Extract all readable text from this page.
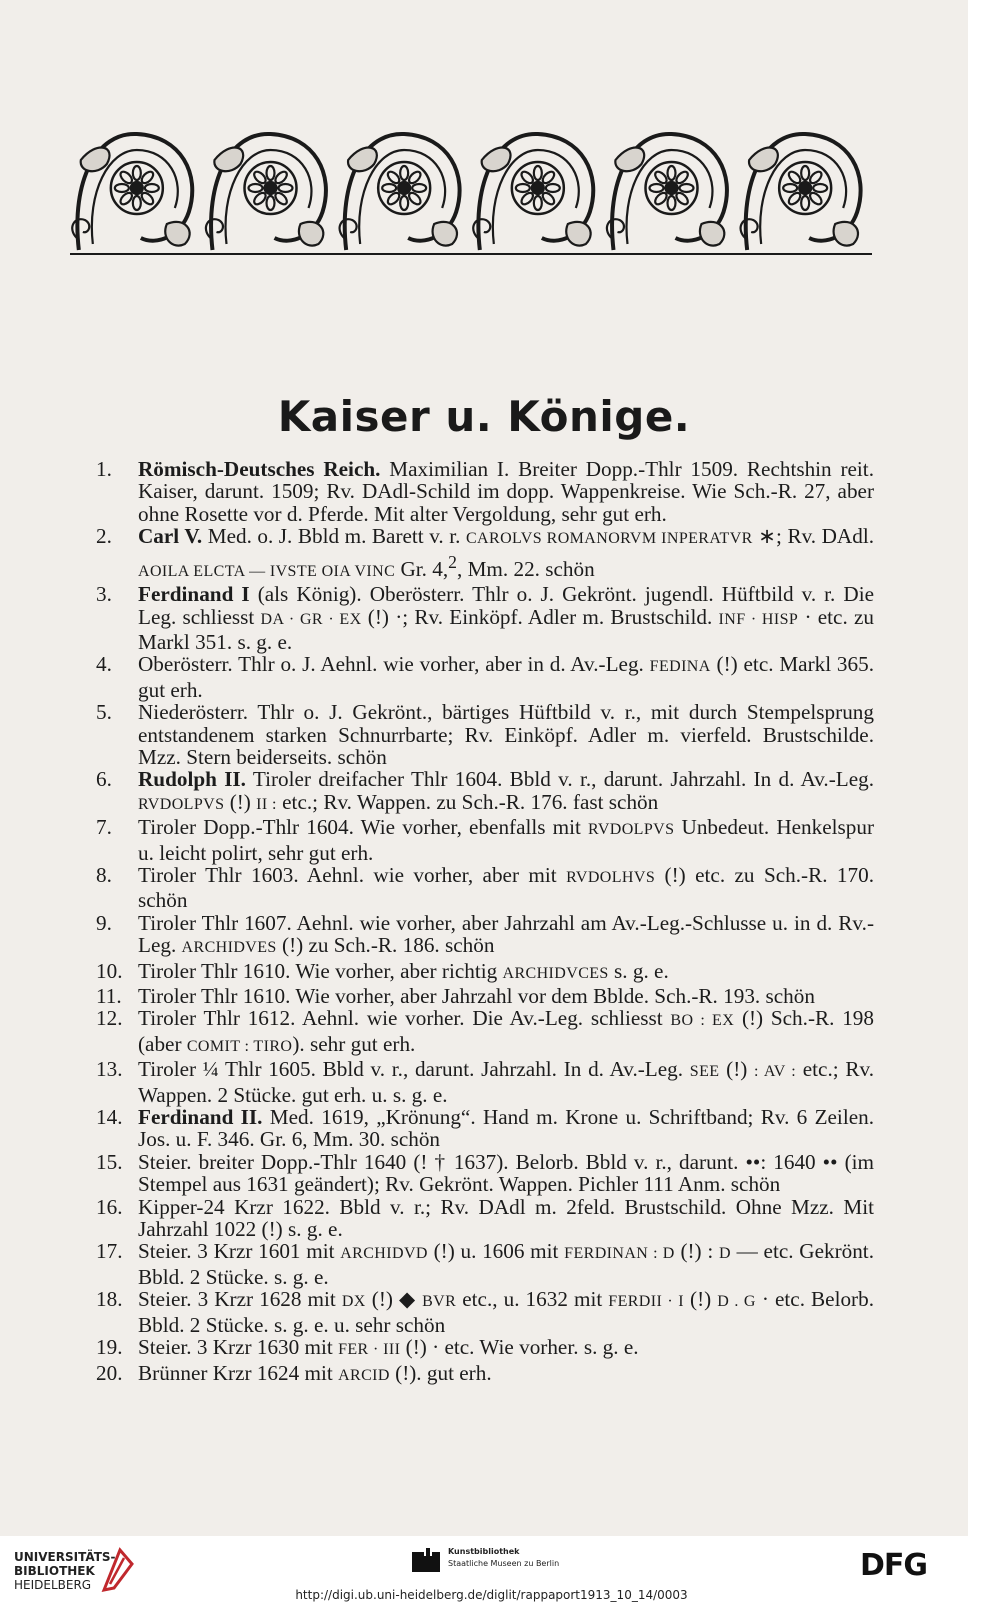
Kaiser u. Könige.
1.	Römisch-Deutsches Reich. Maximilian I. Breiter Dopp.-Thlr 1509. Rechtshin reit. Kaiser, darunt. 1509; Rv. DAdl-Schild im dopp. Wappenkreise. Wie Sch.-R. 27, aber ohne Rosette vor d. Pferde. Mit alter Vergoldung, sehr gut erh.
2.	Carl V. Med. o. J. Bbld m. Barett v. r. CAROLVS ROMANORVM INPERATVR ∗; Rv. DAdl. AOILA ELCTA — IVSTE OIA VINC Gr. 4,$^2$, Mm. 22. schön
3.	Ferdinand I (als König). Oberösterr. Thlr o. J. Gekrönt. jugendl. Hüftbild v. r. Die Leg. schliesst DA · GR · EX (!) ·; Rv. Einköpf. Adler m. Brustschild. INF · HISP · etc. zu Markl 351. s. g. e.
4.	Oberösterr. Thlr o. J. Aehnl. wie vorher, aber in d. Av.-Leg. FEDINA (!) etc. Markl 365. gut erh.
5.	Niederösterr. Thlr o. J. Gekrönt., bärtiges Hüftbild v. r., mit durch Stempelsprung entstandenem starken Schnurrbarte; Rv. Einköpf. Adler m. vierfeld. Brustschilde. Mzz. Stern beiderseits. schön
6.	Rudolph II. Tiroler dreifacher Thlr 1604. Bbld v. r., darunt. Jahrzahl. In d. Av.-Leg. RVDOLPVS (!) II : etc.; Rv. Wappen. zu Sch.-R. 176. fast schön
7.	Tiroler Dopp.-Thlr 1604. Wie vorher, ebenfalls mit RVDOLPVS Unbedeut. Henkelspur u. leicht polirt, sehr gut erh.
8.	Tiroler Thlr 1603. Aehnl. wie vorher, aber mit RVDOLHVS (!) etc. zu Sch.-R. 170. schön
9.	Tiroler Thlr 1607. Aehnl. wie vorher, aber Jahrzahl am Av.-Leg.-Schlusse u. in d. Rv.-Leg. ARCHIDVES (!) zu Sch.-R. 186. schön
10. Tiroler Thlr 1610. Wie vorher, aber richtig ARCHIDVCES s. g. e.
11. Tiroler Thlr 1610. Wie vorher, aber Jahrzahl vor dem Bblde. Sch.-R. 193. schön
12. Tiroler Thlr 1612. Aehnl. wie vorher. Die Av.-Leg. schliesst BO : EX (!) Sch.-R. 198 (aber COMIT : TIRO). sehr gut erh.
13. Tiroler ¼ Thlr 1605. Bbld v. r., darunt. Jahrzahl. In d. Av.-Leg. SEE (!) : AV : etc.; Rv. Wappen. 2 Stücke. gut erh. u. s. g. e.
14. Ferdinand II. Med. 1619, „Krönung“. Hand m. Krone u. Schriftband; Rv. 6 Zeilen. Jos. u. F. 346. Gr. 6, Mm. 30. schön
15. Steier. breiter Dopp.-Thlr 1640 (! † 1637). Belorb. Bbld v. r., darunt. ••: 1640 •• (im Stempel aus 1631 geändert); Rv. Gekrönt. Wappen. Pichler 111 Anm. schön
16. Kipper-24 Krzr 1622. Bbld v. r.; Rv. DAdl m. 2feld. Brustschild. Ohne Mzz. Mit Jahrzahl 1022 (!) s. g. e.
17. Steier. 3 Krzr 1601 mit ARCHIDVD (!) u. 1606 mit FERDINAN : D (!) : D — etc. Gekrönt. Bbld. 2 Stücke. s. g. e.
18. Steier. 3 Krzr 1628 mit DX (!) ◆ BVR etc., u. 1632 mit FERDII · I (!) D . G · etc. Belorb. Bbld. 2 Stücke. s. g. e. u. sehr schön
19. Steier. 3 Krzr 1630 mit FER · III (!) · etc. Wie vorher. s. g. e.
20. Brünner Krzr 1624 mit ARCID (!). gut erh.
UNIVERSITÄTS-
BIBLIOTHEK
HEIDELBERG
Kunstbibliothek
Staatliche Museen zu Berlin	DFG
http://digi.ub.uni-heidelberg.de/diglit/rappaport1913_10_14/0003
